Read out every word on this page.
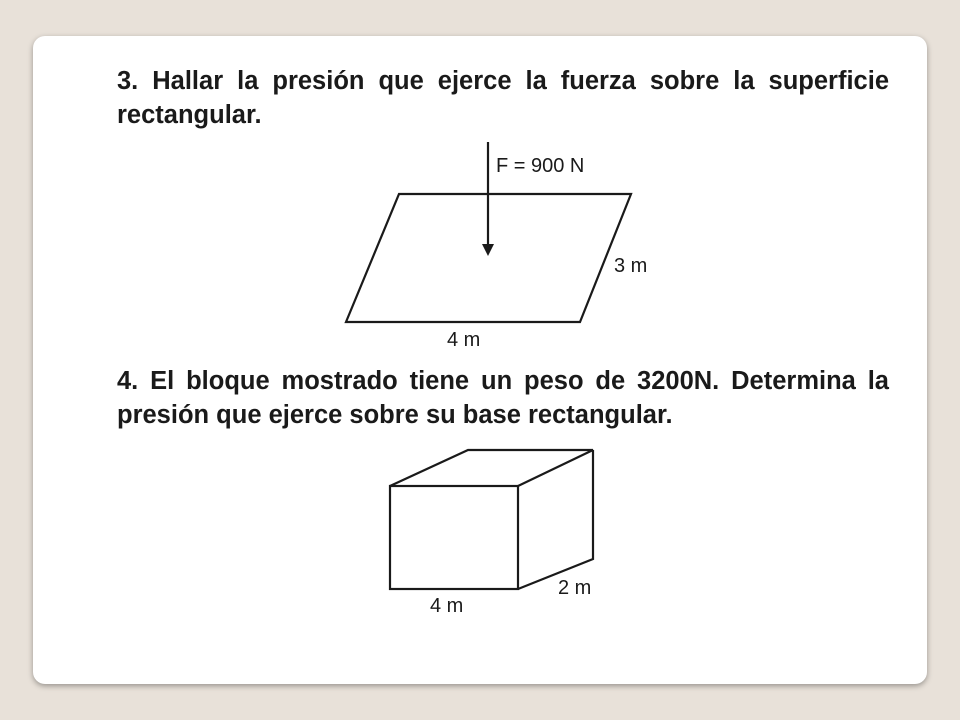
3. Hallar la presión que ejerce la fuerza sobre la superficie rectangular.

F = 900 N
3 m
4 m

4. El bloque mostrado tiene un peso de 3200N. Determina la presión que ejerce sobre su base rectangular.

4 m
2 m
